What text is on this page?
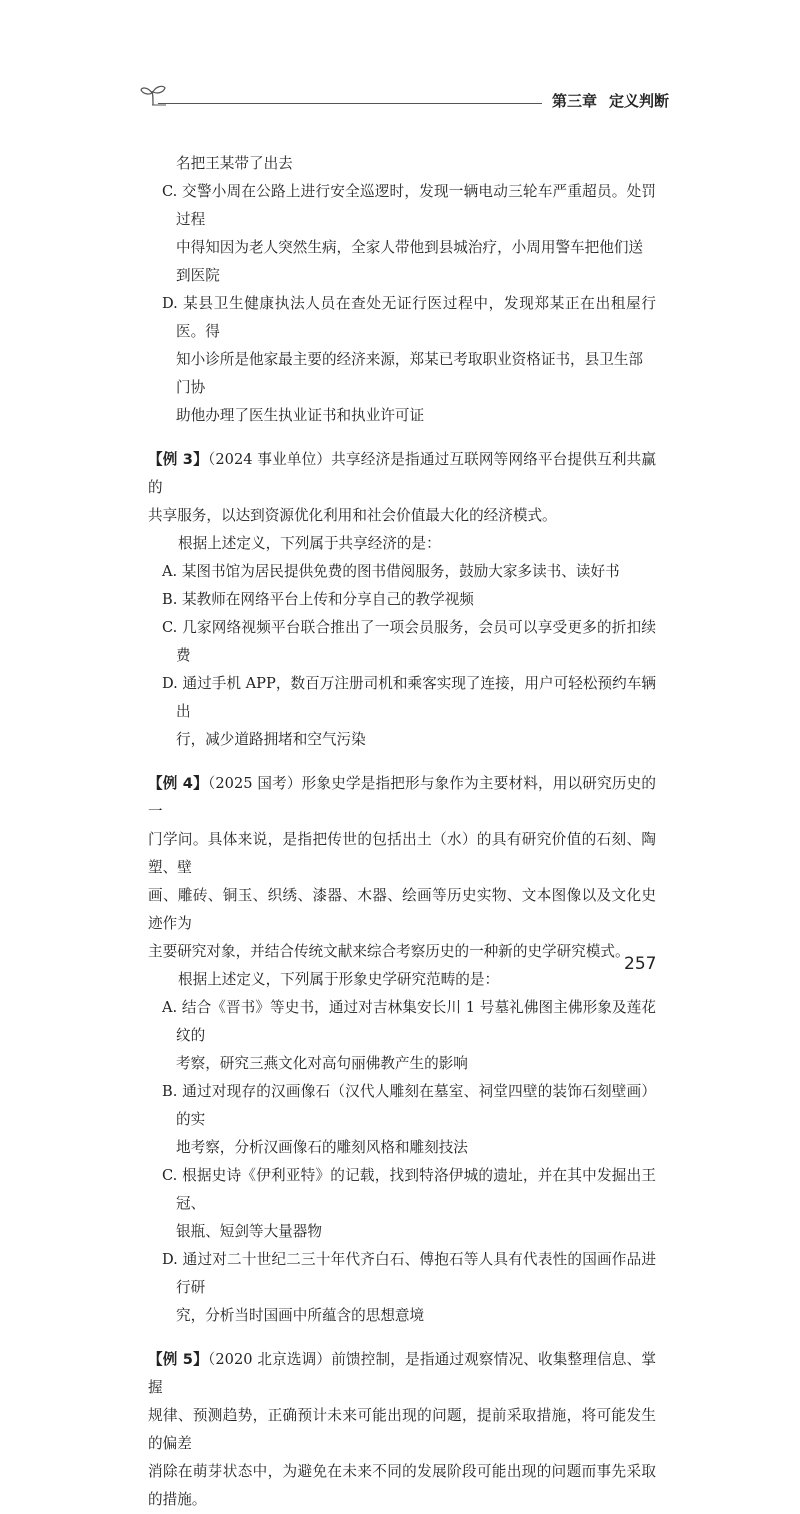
第三章 定义判断

名把王某带了出去

C. 交警小周在公路上进行安全巡逻时，发现一辆电动三轮车严重超员。处罚过程

中得知因为老人突然生病，全家人带他到县城治疗，小周用警车把他们送到医院

D. 某县卫生健康执法人员在查处无证行医过程中，发现郑某正在出租屋行医。得

知小诊所是他家最主要的经济来源，郑某已考取职业资格证书，县卫生部门协

助他办理了医生执业证书和执业许可证

【例 3】（2024 事业单位）共享经济是指通过互联网等网络平台提供互利共赢的

共享服务，以达到资源优化利用和社会价值最大化的经济模式。

根据上述定义，下列属于共享经济的是：

A. 某图书馆为居民提供免费的图书借阅服务，鼓励大家多读书、读好书

B. 某教师在网络平台上传和分享自己的教学视频

C. 几家网络视频平台联合推出了一项会员服务，会员可以享受更多的折扣续费

D. 通过手机 APP，数百万注册司机和乘客实现了连接，用户可轻松预约车辆出

行，减少道路拥堵和空气污染

【例 4】（2025 国考）形象史学是指把形与象作为主要材料，用以研究历史的一

门学问。具体来说，是指把传世的包括出土（水）的具有研究价值的石刻、陶塑、壁

画、雕砖、铜玉、织绣、漆器、木器、绘画等历史实物、文本图像以及文化史迹作为

主要研究对象，并结合传统文献来综合考察历史的一种新的史学研究模式。

根据上述定义，下列属于形象史学研究范畴的是：

A. 结合《晋书》等史书，通过对吉林集安长川 1 号墓礼佛图主佛形象及莲花纹的

考察，研究三燕文化对高句丽佛教产生的影响

B. 通过对现存的汉画像石（汉代人雕刻在墓室、祠堂四壁的装饰石刻壁画）的实

地考察，分析汉画像石的雕刻风格和雕刻技法

C. 根据史诗《伊利亚特》的记载，找到特洛伊城的遗址，并在其中发掘出王冠、

银瓶、短剑等大量器物

D. 通过对二十世纪二三十年代齐白石、傅抱石等人具有代表性的国画作品进行研

究，分析当时国画中所蕴含的思想意境

【例 5】（2020 北京选调）前馈控制，是指通过观察情况、收集整理信息、掌握

规律、预测趋势，正确预计未来可能出现的问题，提前采取措施，将可能发生的偏差

消除在萌芽状态中，为避免在未来不同的发展阶段可能出现的问题而事先采取的措施。

257
